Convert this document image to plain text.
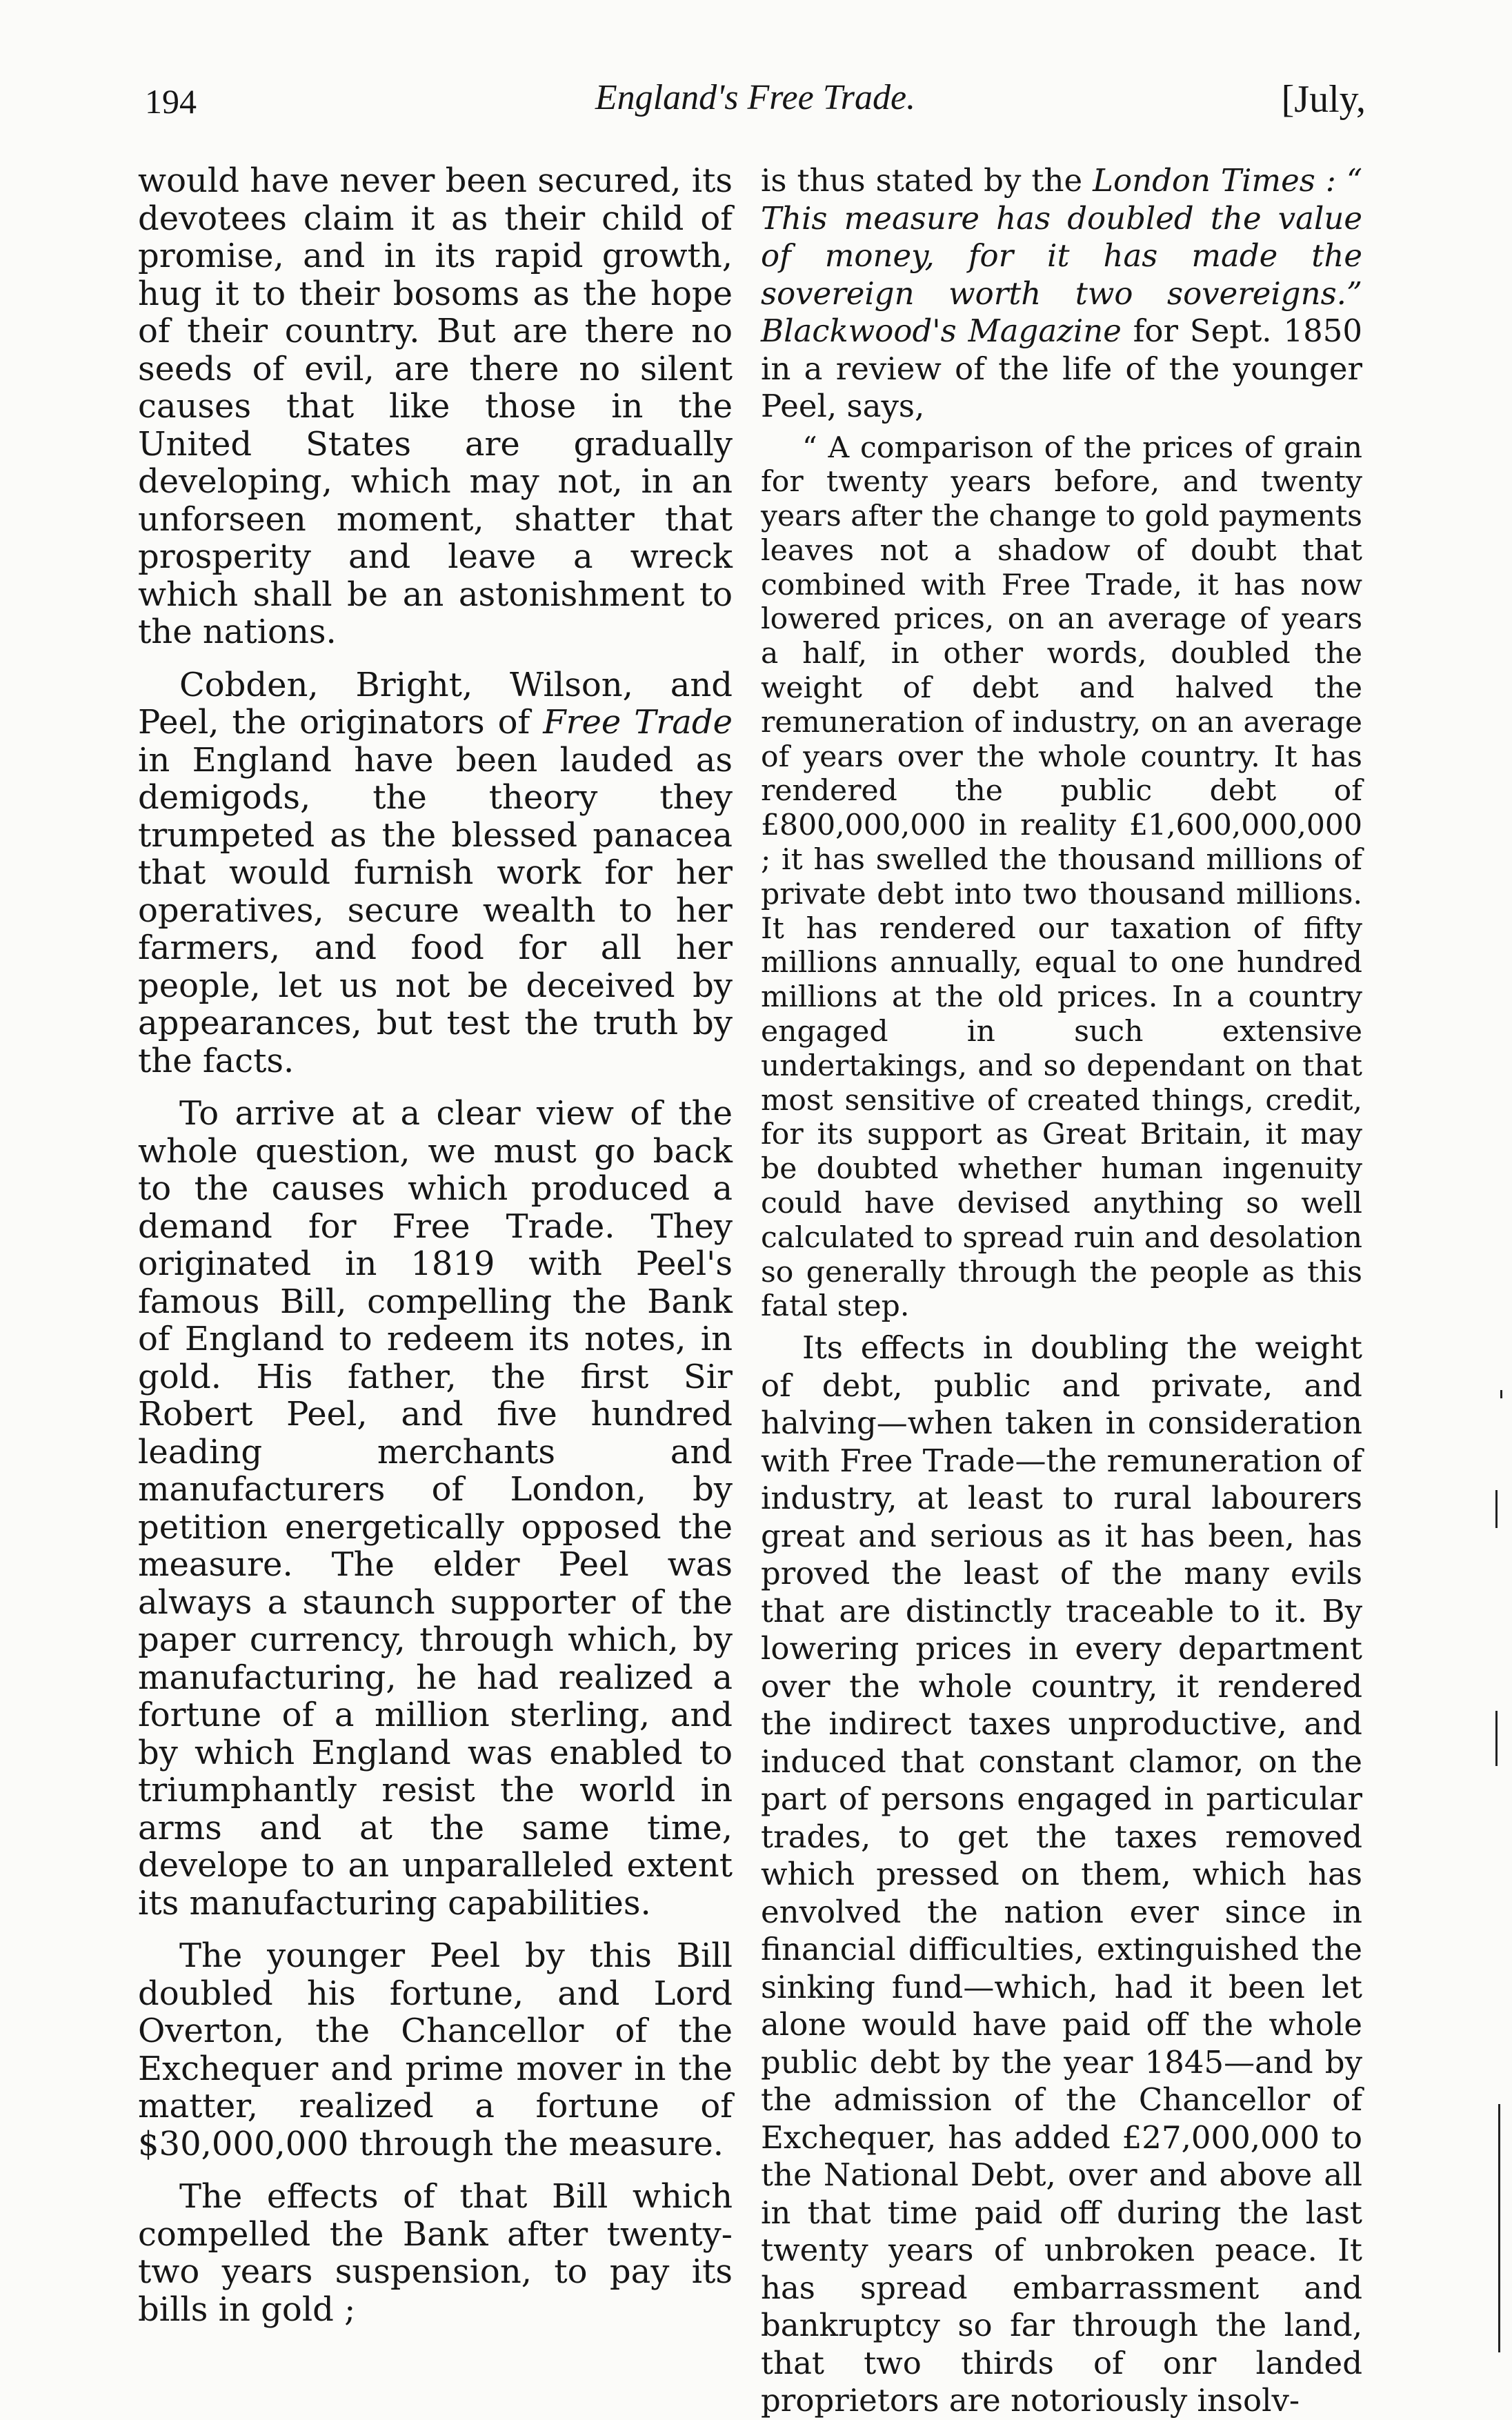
194	England's Free Trade.	[July,

would have never been secured, its devotees claim it as their child of promise, and in its rapid growth, hug it to their bosoms as the hope of their country. But are there no seeds of evil, are there no silent causes that like those in the United States are gradually developing, which may not, in an unforseen moment, shatter that prosperity and leave a wreck which shall be an astonishment to the nations.

Cobden, Bright, Wilson, and Peel, the originators of Free Trade in England have been lauded as demigods, the theory they trumpeted as the blessed panacea that would furnish work for her operatives, secure wealth to her farmers, and food for all her people, let us not be deceived by appearances, but test the truth by the facts.

To arrive at a clear view of the whole question, we must go back to the causes which produced a demand for Free Trade. They originated in 1819 with Peel's famous Bill, compelling the Bank of England to redeem its notes, in gold. His father, the first Sir Robert Peel, and five hundred leading merchants and manufacturers of London, by petition energetically opposed the measure. The elder Peel was always a staunch supporter of the paper currency, through which, by manufacturing, he had realized a fortune of a million sterling, and by which England was enabled to triumphantly resist the world in arms and at the same time, develope to an unparalleled extent its manufacturing capabilities.

The younger Peel by this Bill doubled his fortune, and Lord Overton, the Chancellor of the Exchequer and prime mover in the matter, realized a fortune of $30,000,000 through the measure.

The effects of that Bill which compelled the Bank after twenty-two years suspension, to pay its bills in gold ;

is thus stated by the London Times : “ This measure has doubled the value of money, for it has made the sovereign worth two sovereigns.” Blackwood's Magazine for Sept. 1850 in a review of the life of the younger Peel, says,

“ A comparison of the prices of grain for twenty years before, and twenty years after the change to gold payments leaves not a shadow of doubt that combined with Free Trade, it has now lowered prices, on an average of years a half, in other words, doubled the weight of debt and halved the remuneration of industry, on an average of years over the whole country. It has rendered the public debt of £800,000,000 in reality £1,600,000,000 ; it has swelled the thousand millions of private debt into two thousand millions. It has rendered our taxation of fifty millions annually, equal to one hundred millions at the old prices. In a country engaged in such extensive undertakings, and so dependant on that most sensitive of created things, credit, for its support as Great Britain, it may be doubted whether human ingenuity could have devised anything so well calculated to spread ruin and desolation so generally through the people as this fatal step.

Its effects in doubling the weight of debt, public and private, and halving—when taken in consideration with Free Trade—the remuneration of industry, at least to rural labourers great and serious as it has been, has proved the least of the many evils that are distinctly traceable to it. By lowering prices in every department over the whole country, it rendered the indirect taxes unproductive, and induced that constant clamor, on the part of persons engaged in particular trades, to get the taxes removed which pressed on them, which has envolved the nation ever since in financial difficulties, extinguished the sinking fund—which, had it been let alone would have paid off the whole public debt by the year 1845—and by the admission of the Chancellor of Exchequer, has added £27,000,000 to the National Debt, over and above all in that time paid off during the last twenty years of unbroken peace. It has spread embarrassment and bankruptcy so far through the land, that two thirds of onr landed proprietors are notoriously insolv-
